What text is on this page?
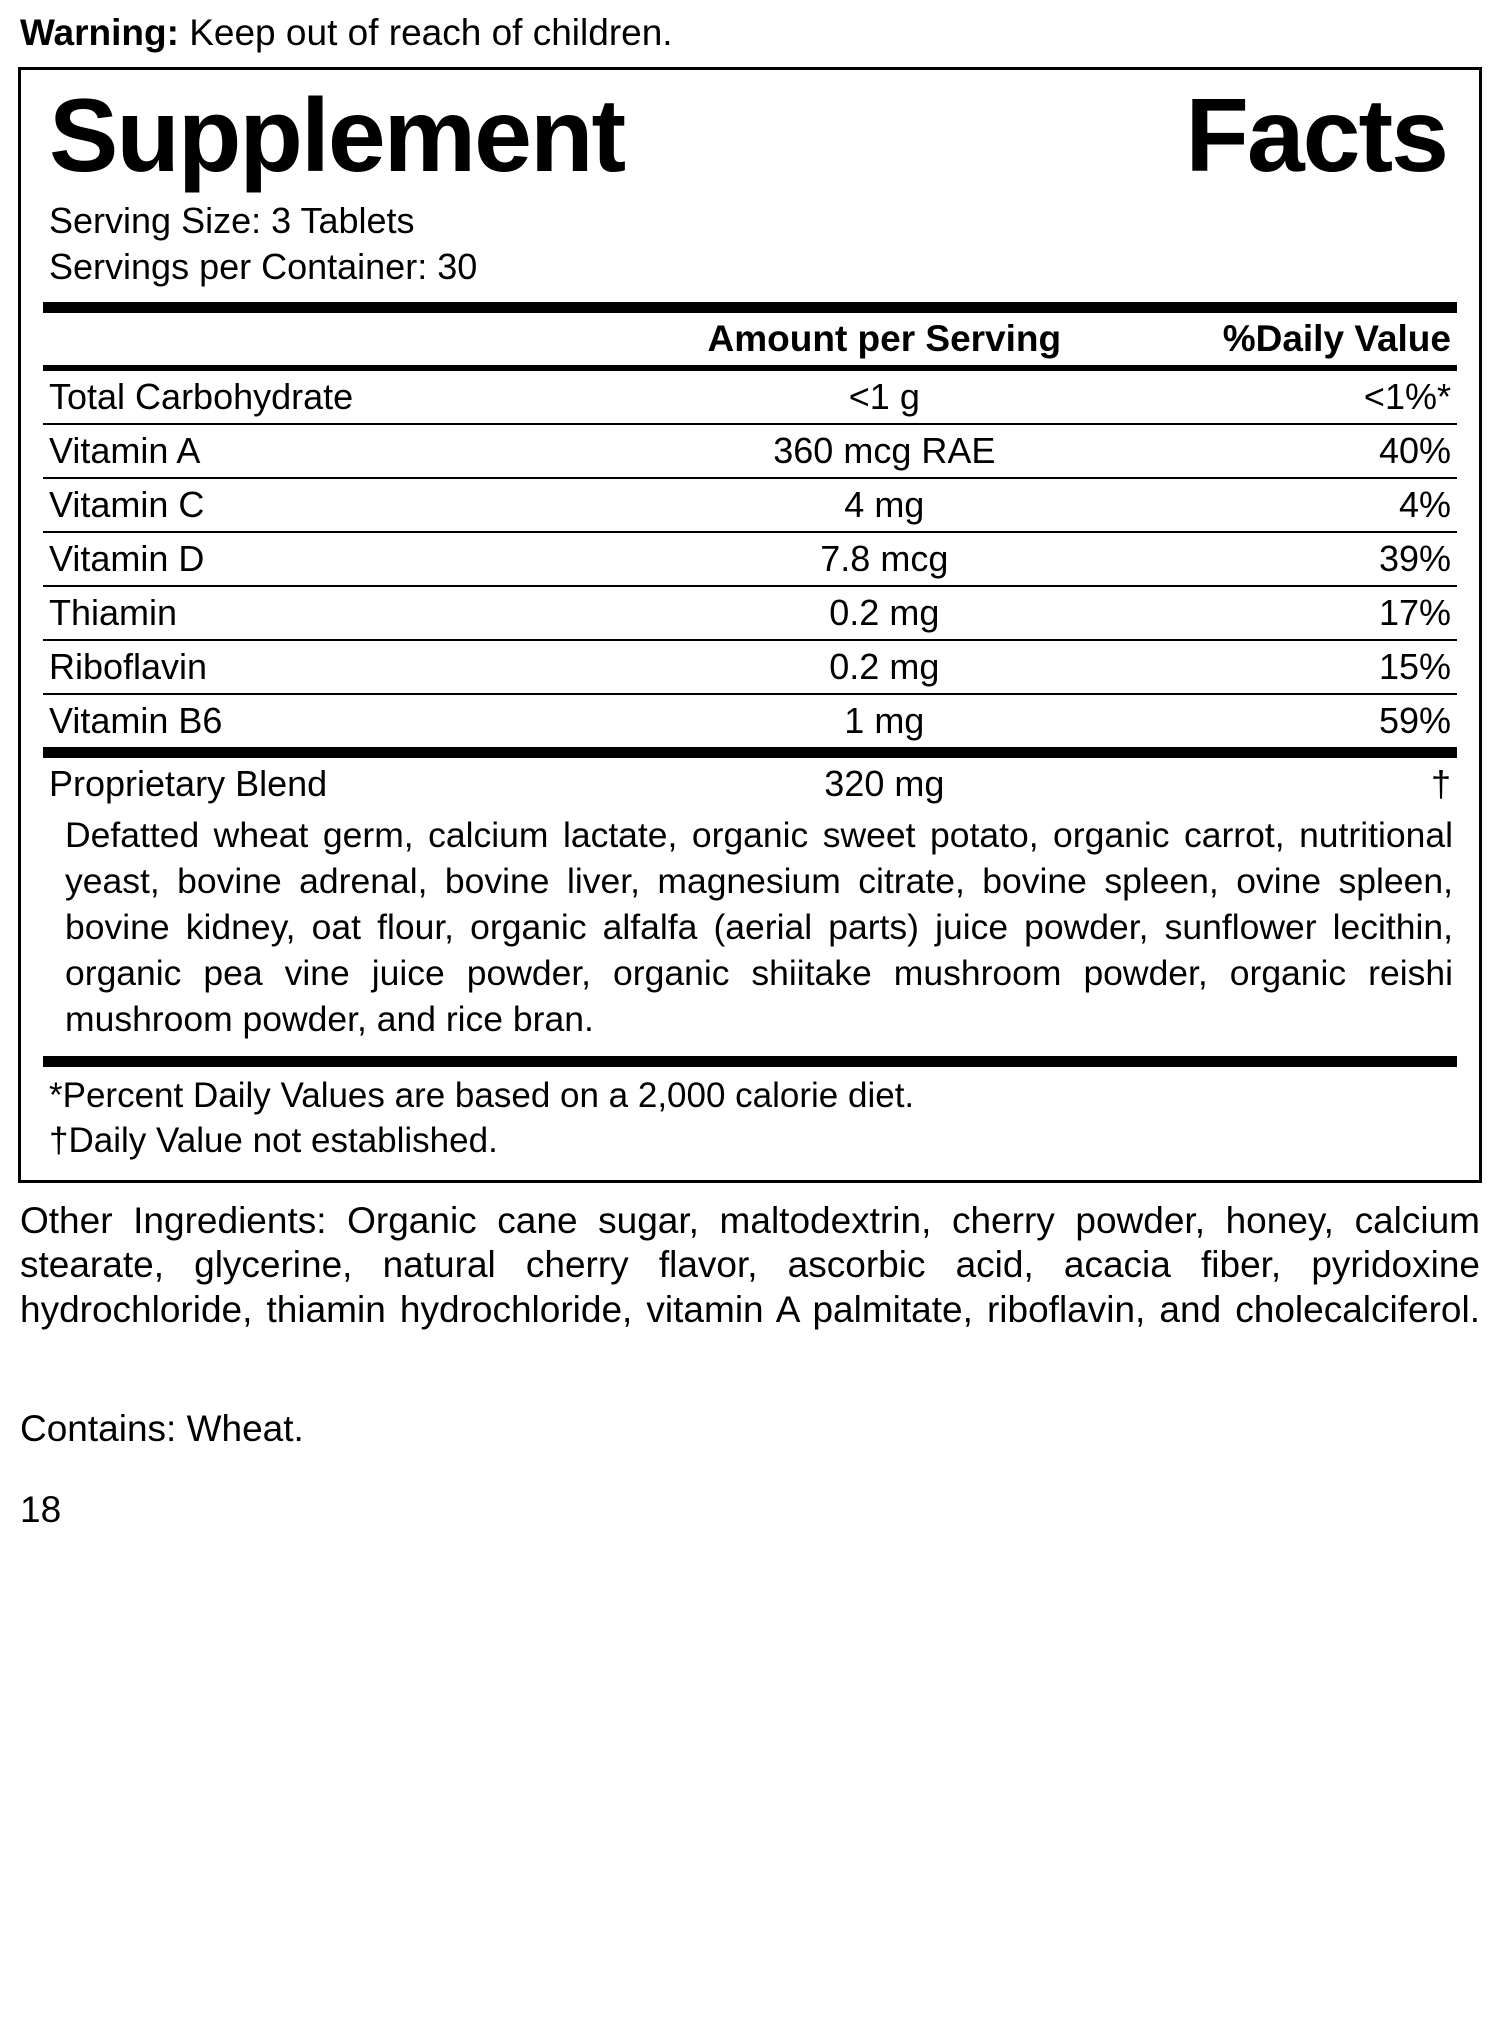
Warning: Keep out of reach of children.
Supplement	Facts
Serving Size: 3 Tablets
Servings per Container: 30
	Amount per Serving	%Daily Value
Total Carbohydrate	<1 g	<1%*
Vitamin A	360 mcg RAE	40%
Vitamin C	4 mg	4%
Vitamin D	7.8 mcg	39%
Thiamin	0.2 mg	17%
Riboflavin	0.2 mg	15%
Vitamin B6	1 mg	59%
Proprietary Blend	320 mg	†
Defatted wheat germ, calcium lactate, organic sweet potato, organic carrot, nutritional yeast, bovine adrenal, bovine liver, magnesium citrate, bovine spleen, ovine spleen, bovine kidney, oat flour, organic alfalfa (aerial parts) juice powder, sunflower lecithin, organic pea vine juice powder, organic shiitake mushroom powder, organic reishi mushroom powder, and rice bran.
*Percent Daily Values are based on a 2,000 calorie diet.
†Daily Value not established.
Other Ingredients: Organic cane sugar, maltodextrin, cherry powder, honey, calcium stearate, glycerine, natural cherry flavor, ascorbic acid, acacia fiber, pyridoxine hydrochloride, thiamin hydrochloride, vitamin A palmitate, riboflavin, and cholecalciferol.
Contains: Wheat.
18
